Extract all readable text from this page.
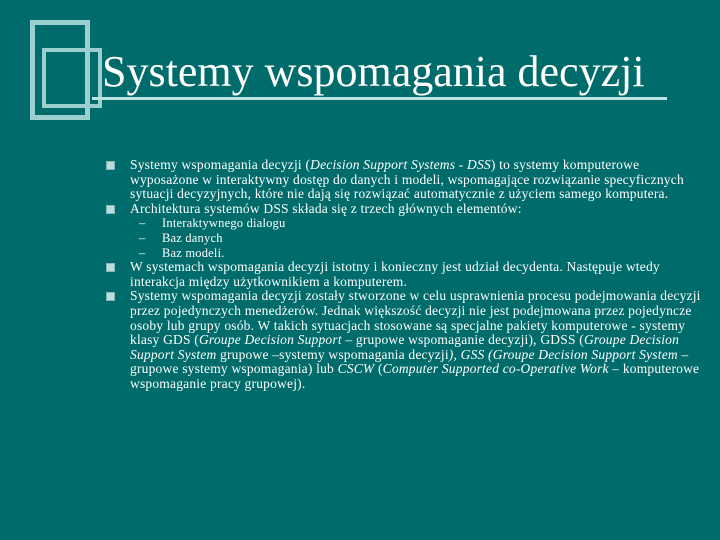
Systemy wspomagania decyzji

Systemy wspomagania decyzji (Decision Support Systems - DSS) to systemy komputerowe wyposażone w interaktywny dostęp do danych i modeli, wspomagające rozwiązanie specyficznych sytuacji decyzyjnych, które nie dają się rozwiązać automatycznie z użyciem samego komputera.

Architektura systemów DSS składa się z trzech głównych elementów:

– Interaktywnego dialogu

– Baz danych

– Baz modeli.

W systemach wspomagania decyzji istotny i konieczny jest udział decydenta. Następuje wtedy interakcja między użytkownikiem a komputerem.

Systemy wspomagania decyzji zostały stworzone w celu usprawnienia procesu podejmowania decyzji przez pojedynczych menedżerów. Jednak większość decyzji nie jest podejmowana przez pojedyncze osoby lub grupy osób. W takich sytuacjach stosowane są specjalne pakiety komputerowe - systemy klasy GDS (Groupe Decision Support – grupowe wspomaganie decyzji), GDSS (Groupe Decision Support System grupowe –systemy wspomagania decyzji), GSS (Groupe Decision Support System – grupowe systemy wspomagania) lub CSCW (Computer Supported co-Operative Work – komputerowe wspomaganie pracy grupowej).
